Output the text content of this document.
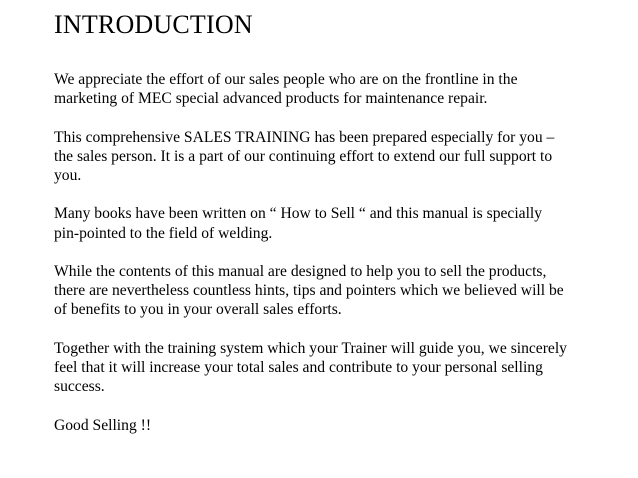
INTRODUCTION

We appreciate the effort of our sales people who are on the frontline in the
marketing of MEC special advanced products for maintenance repair.

This comprehensive SALES TRAINING has been prepared especially for you –
the sales person. It is a part of our continuing effort to extend our full support to
you.

Many books have been written on “ How to Sell “ and this manual is specially
pin-pointed to the field of welding.

While the contents of this manual are designed to help you to sell the products,
there are nevertheless countless hints, tips and pointers which we believed will be
of benefits to you in your overall sales efforts.

Together with the training system which your Trainer will guide you, we sincerely
feel that it will increase your total sales and contribute to your personal selling
success.

Good Selling !!
